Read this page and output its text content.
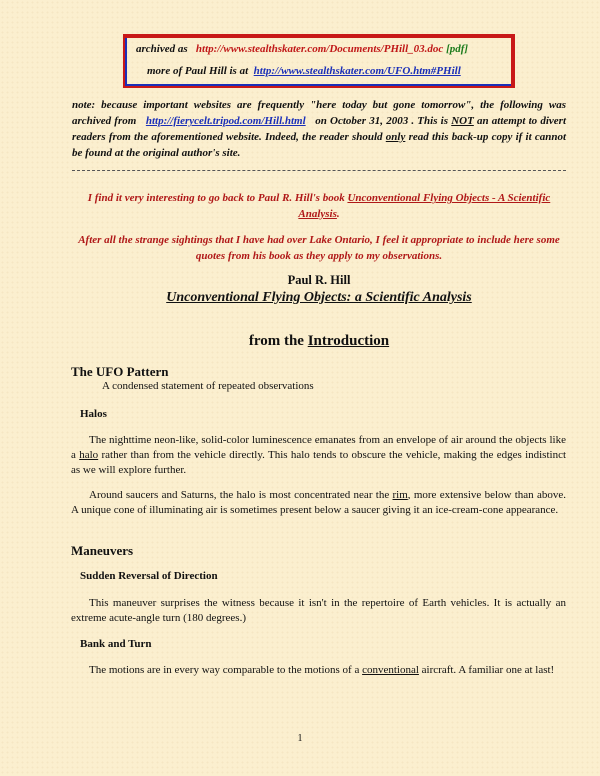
archived as http://www.stealthskater.com/Documents/PHill_03.doc [pdf]
more of Paul Hill is at http://www.stealthskater.com/UFO.htm#PHill
note: because important websites are frequently "here today but gone tomorrow", the following was archived from http://fierycelt.tripod.com/Hill.html on October 31, 2003 . This is NOT an attempt to divert readers from the aforementioned website. Indeed, the reader should only read this back-up copy if it cannot be found at the original author's site.
I find it very interesting to go back to Paul R. Hill's book Unconventional Flying Objects - A Scientific Analysis.
After all the strange sightings that I have had over Lake Ontario, I feel it appropriate to include here some quotes from his book as they apply to my observations.
Paul R. Hill
Unconventional Flying Objects: a Scientific Analysis
from the Introduction
The UFO Pattern
A condensed statement of repeated observations
Halos
The nighttime neon-like, solid-color luminescence emanates from an envelope of air around the objects like a halo rather than from the vehicle directly. This halo tends to obscure the vehicle, making the edges indistinct as we will explore further.
Around saucers and Saturns, the halo is most concentrated near the rim, more extensive below than above. A unique cone of illuminating air is sometimes present below a saucer giving it an ice-cream-cone appearance.
Maneuvers
Sudden Reversal of Direction
This maneuver surprises the witness because it isn't in the repertoire of Earth vehicles. It is actually an extreme acute-angle turn (180 degrees.)
Bank and Turn
The motions are in every way comparable to the motions of a conventional aircraft. A familiar one at last!
1
